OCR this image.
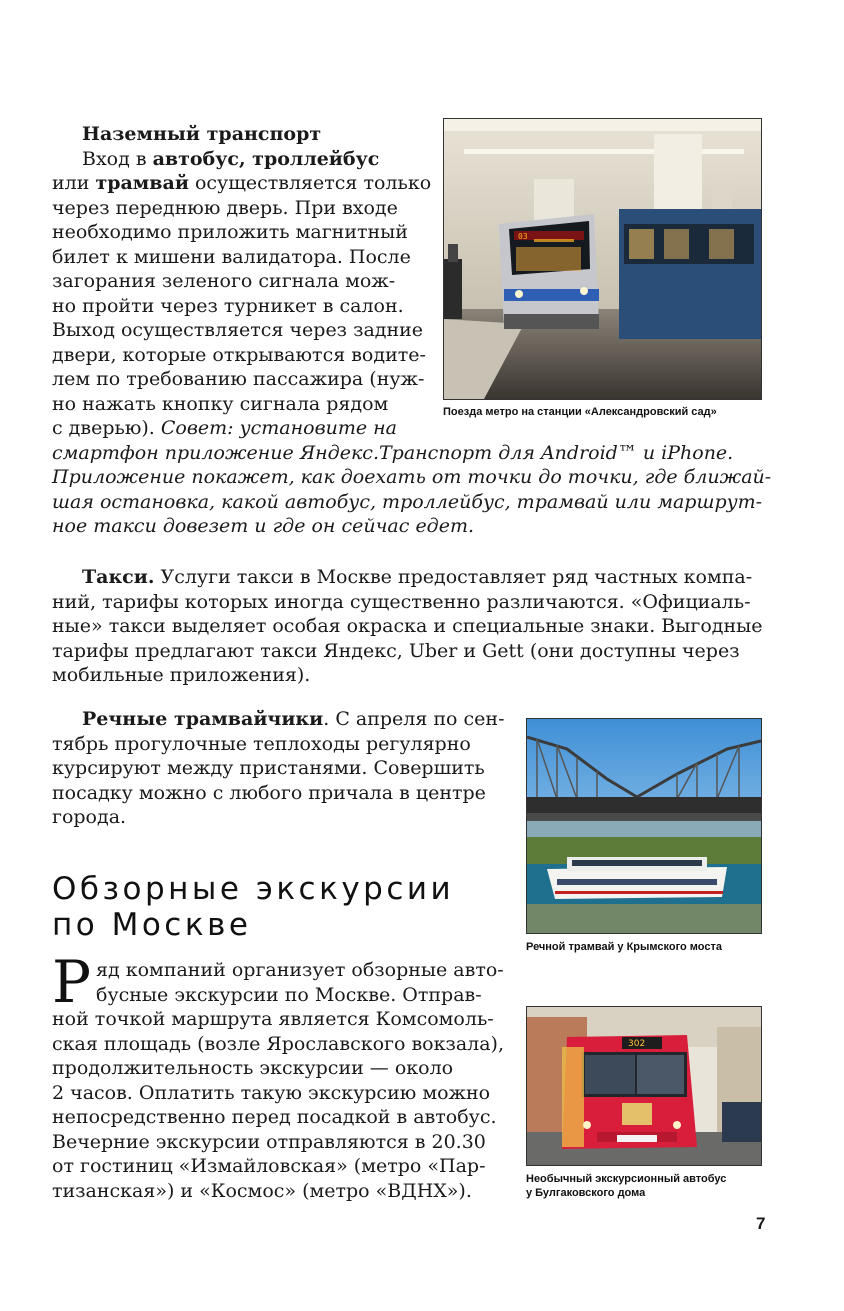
Наземный транспорт
Вход в автобус, троллейбус
или трамвай осуществляется только
через переднюю дверь. При входе
необходимо приложить магнитный
билет к мишени валидатора. После
загорания зеленого сигнала мож-
но пройти через турникет в салон.
Выход осуществляется через задние
двери, которые открываются водите-
лем по требованию пассажира (нуж-
но нажать кнопку сигнала рядом
с дверью). Совет: установите на
смартфон приложение Яндекс.Транспорт для Android™ и iPhone.
Приложение покажет, как доехать от точки до точки, где ближай-
шая остановка, какой автобус, троллейбус, трамвай или маршрут-
ное такси довезет и где он сейчас едет.
03
Поезда метро на станции «Александровский сад»
Такси. Услуги такси в Москве предоставляет ряд частных компа-
ний, тарифы которых иногда существенно различаются. «Официаль-
ные» такси выделяет особая окраска и специальные знаки. Выгодные
тарифы предлагают такси Яндекс, Uber и Gett (они доступны через
мобильные приложения).
Речные трамвайчики. С апреля по сен-
тябрь прогулочные теплоходы регулярно
курсируют между пристанями. Совершить
посадку можно с любого причала в центре
города.
Речной трамвай у Крымского моста
Обзорные экскурсии
по Москве
Р яд компаний организует обзорные авто-
бусные экскурсии по Москве. Отправ-
ной точкой маршрута является Комсомоль-
ская площадь (возле Ярославского вокзала),
продолжительность экскурсии — около
2 часов. Оплатить такую экскурсию можно
непосредственно перед посадкой в автобус.
Вечерние экскурсии отправляются в 20.30
от гостиниц «Измайловская» (метро «Пар-
тизанская») и «Космос» (метро «ВДНХ»).
302
Необычный экскурсионный автобус
у Булгаковского дома
7
